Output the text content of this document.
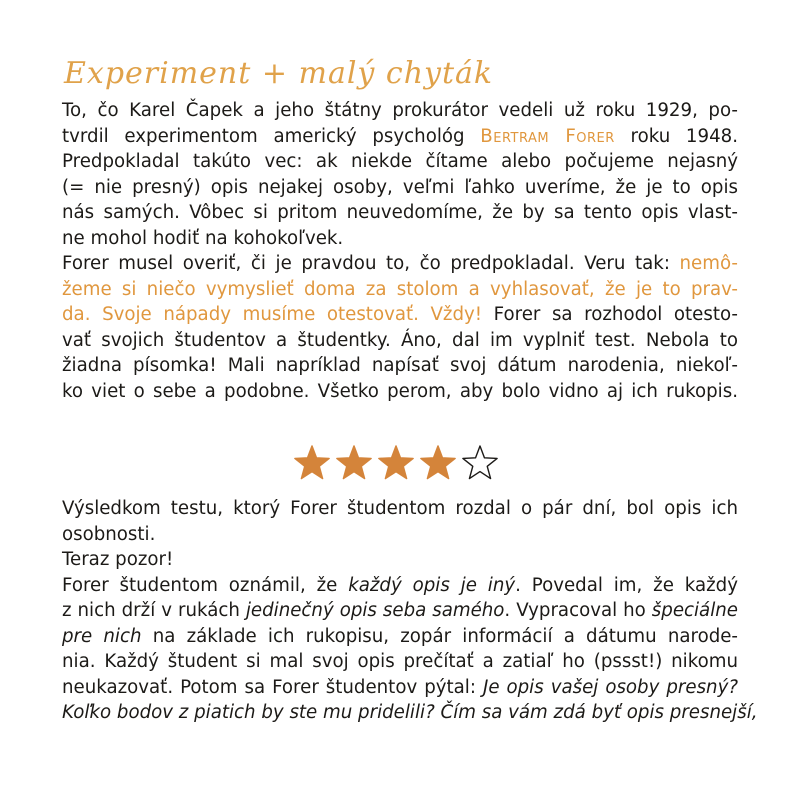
Experiment + malý chyták
To, čo Karel Čapek a jeho štátny prokurátor vedeli už roku 1929, po-
tvrdil experimentom americký psychológ Bertram Forer roku 1948.
Predpokladal takúto vec: ak niekde čítame alebo počujeme nejasný
(= nie presný) opis nejakej osoby, veľmi ľahko uveríme, že je to opis
nás samých. Vôbec si pritom neuvedomíme, že by sa tento opis vlast-
ne mohol hodiť na kohokoľvek.
Forer musel overiť, či je pravdou to, čo predpokladal. Veru tak: nemô-
žeme si niečo vymyslieť doma za stolom a vyhlasovať, že je to prav-
da. Svoje nápady musíme otestovať. Vždy! Forer sa rozhodol otesto-
vať svojich študentov a študentky. Áno, dal im vyplniť test. Nebola to
žiadna písomka! Mali napríklad napísať svoj dátum narodenia, niekoľ-
ko viet o sebe a podobne. Všetko perom, aby bolo vidno aj ich rukopis.
Výsledkom testu, ktorý Forer študentom rozdal o pár dní, bol opis ich
osobnosti.
Teraz pozor!
Forer študentom oznámil, že každý opis je iný. Povedal im, že každý
z nich drží v rukách jedinečný opis seba samého. Vypracoval ho špeciálne
pre nich na základe ich rukopisu, zopár informácií a dátumu narode-
nia. Každý študent si mal svoj opis prečítať a zatiaľ ho (pssst!) nikomu
neukazovať. Potom sa Forer študentov pýtal: Je opis vašej osoby presný?
Koľko bodov z piatich by ste mu pridelili? Čím sa vám zdá byť opis presnejší,
